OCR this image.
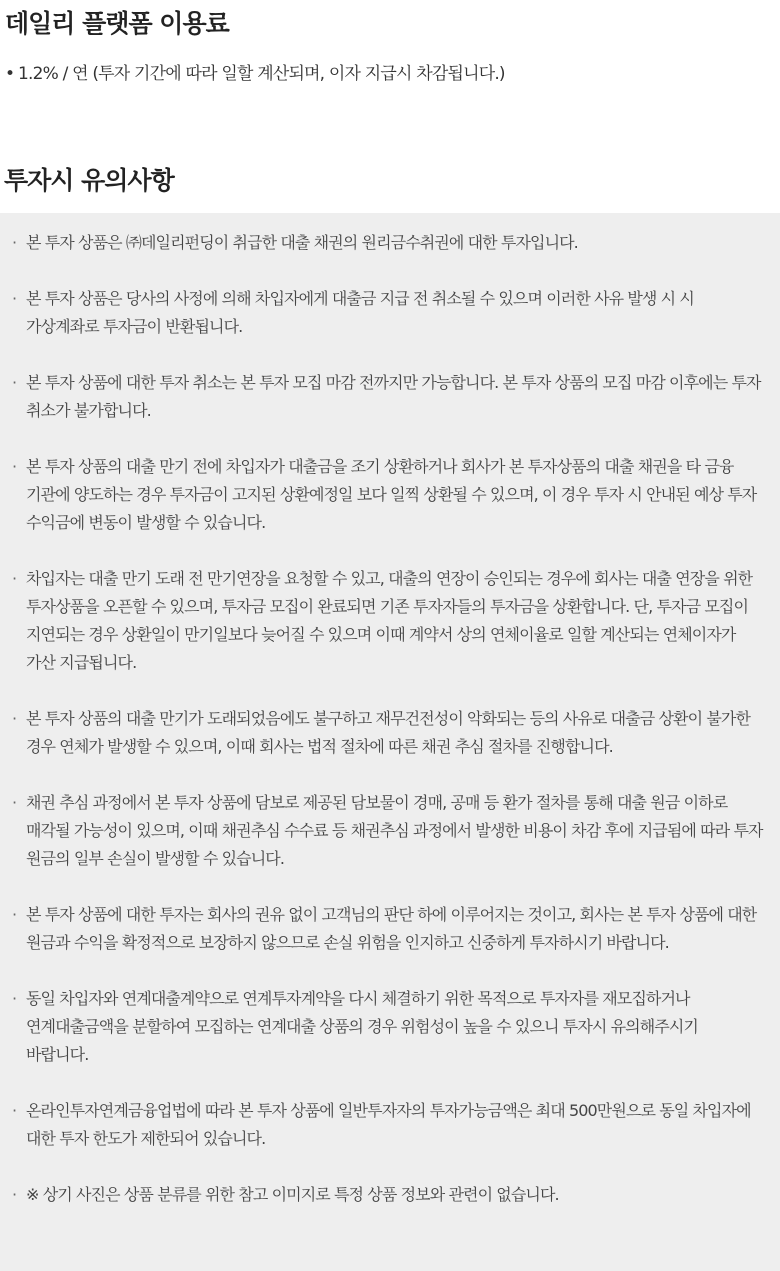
데일리 플랫폼 이용료
• 1.2% / 연 (투자 기간에 따라 일할 계산되며, 이자 지급시 차감됩니다.)
투자시 유의사항
· 본 투자 상품은 ㈜데일리펀딩이 취급한 대출 채권의 원리금수취권에 대한 투자입니다.
· 본 투자 상품은 당사의 사정에 의해 차입자에게 대출금 지급 전 취소될 수 있으며 이러한 사유 발생 시 시 가상계좌로 투자금이 반환됩니다.
· 본 투자 상품에 대한 투자 취소는 본 투자 모집 마감 전까지만 가능합니다. 본 투자 상품의 모집 마감 이후에는 투자 취소가 불가합니다.
· 본 투자 상품의 대출 만기 전에 차입자가 대출금을 조기 상환하거나 회사가 본 투자상품의 대출 채권을 타 금융 기관에 양도하는 경우 투자금이 고지된 상환예정일 보다 일찍 상환될 수 있으며, 이 경우 투자 시 안내된 예상 투자 수익금에 변동이 발생할 수 있습니다.
· 차입자는 대출 만기 도래 전 만기연장을 요청할 수 있고, 대출의 연장이 승인되는 경우에 회사는 대출 연장을 위한 투자상품을 오픈할 수 있으며, 투자금 모집이 완료되면 기존 투자자들의 투자금을 상환합니다. 단, 투자금 모집이 지연되는 경우 상환일이 만기일보다 늦어질 수 있으며 이때 계약서 상의 연체이율로 일할 계산되는 연체이자가 가산 지급됩니다.
· 본 투자 상품의 대출 만기가 도래되었음에도 불구하고 재무건전성이 악화되는 등의 사유로 대출금 상환이 불가한 경우 연체가 발생할 수 있으며, 이때 회사는 법적 절차에 따른 채권 추심 절차를 진행합니다.
· 채권 추심 과정에서 본 투자 상품에 담보로 제공된 담보물이 경매, 공매 등 환가 절차를 통해 대출 원금 이하로 매각될 가능성이 있으며, 이때 채권추심 수수료 등 채권추심 과정에서 발생한 비용이 차감 후에 지급됨에 따라 투자 원금의 일부 손실이 발생할 수 있습니다.
· 본 투자 상품에 대한 투자는 회사의 권유 없이 고객님의 판단 하에 이루어지는 것이고, 회사는 본 투자 상품에 대한 원금과 수익을 확정적으로 보장하지 않으므로 손실 위험을 인지하고 신중하게 투자하시기 바랍니다.
· 동일 차입자와 연계대출계약으로 연계투자계약을 다시 체결하기 위한 목적으로 투자자를 재모집하거나 연계대출금액을 분할하여 모집하는 연계대출 상품의 경우 위험성이 높을 수 있으니 투자시 유의해주시기 바랍니다.
· 온라인투자연계금융업법에 따라 본 투자 상품에 일반투자자의 투자가능금액은 최대 500만원으로 동일 차입자에 대한 투자 한도가 제한되어 있습니다.
· ※ 상기 사진은 상품 분류를 위한 참고 이미지로 특정 상품 정보와 관련이 없습니다.
